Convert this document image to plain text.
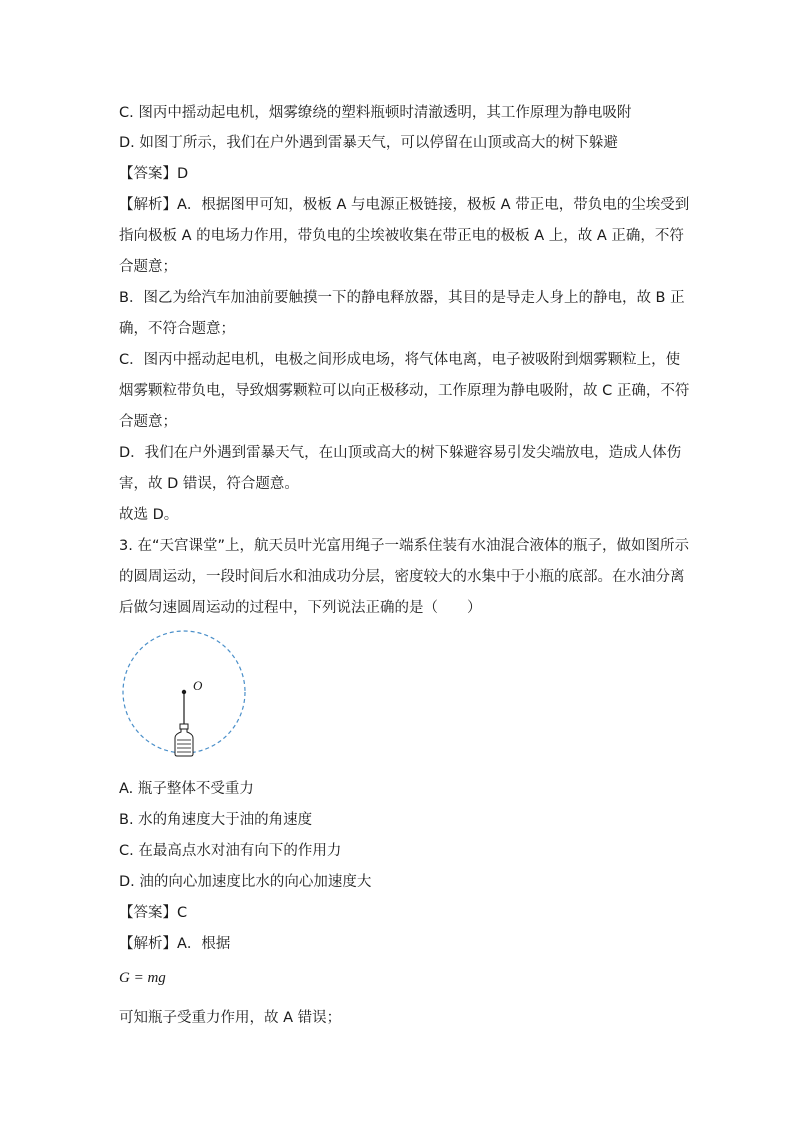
C. 图丙中摇动起电机，烟雾缭绕的塑料瓶顿时清澈透明，其工作原理为静电吸附
D. 如图丁所示，我们在户外遇到雷暴天气，可以停留在山顶或高大的树下躲避
【答案】D
【解析】A．根据图甲可知，极板 A 与电源正极链接，极板 A 带正电，带负电的尘埃受到
指向极板 A 的电场力作用，带负电的尘埃被收集在带正电的极板 A 上，故 A 正确，不符
合题意；
B．图乙为给汽车加油前要触摸一下的静电释放器，其目的是导走人身上的静电，故 B 正
确，不符合题意；
C．图丙中摇动起电机，电极之间形成电场，将气体电离，电子被吸附到烟雾颗粒上，使
烟雾颗粒带负电，导致烟雾颗粒可以向正极移动，工作原理为静电吸附，故 C 正确，不符
合题意；
D．我们在户外遇到雷暴天气，在山顶或高大的树下躲避容易引发尖端放电，造成人体伤
害，故 D 错误，符合题意。
故选 D。
3. 在“天宫课堂”上，航天员叶光富用绳子一端系住装有水油混合液体的瓶子，做如图所示
的圆周运动，一段时间后水和油成功分层，密度较大的水集中于小瓶的底部。在水油分离
后做匀速圆周运动的过程中，下列说法正确的是（　　）
O
A. 瓶子整体不受重力
B. 水的角速度大于油的角速度
C. 在最高点水对油有向下的作用力
D. 油的向心加速度比水的向心加速度大
【答案】C
【解析】A．根据
G = mg
可知瓶子受重力作用，故 A 错误；
